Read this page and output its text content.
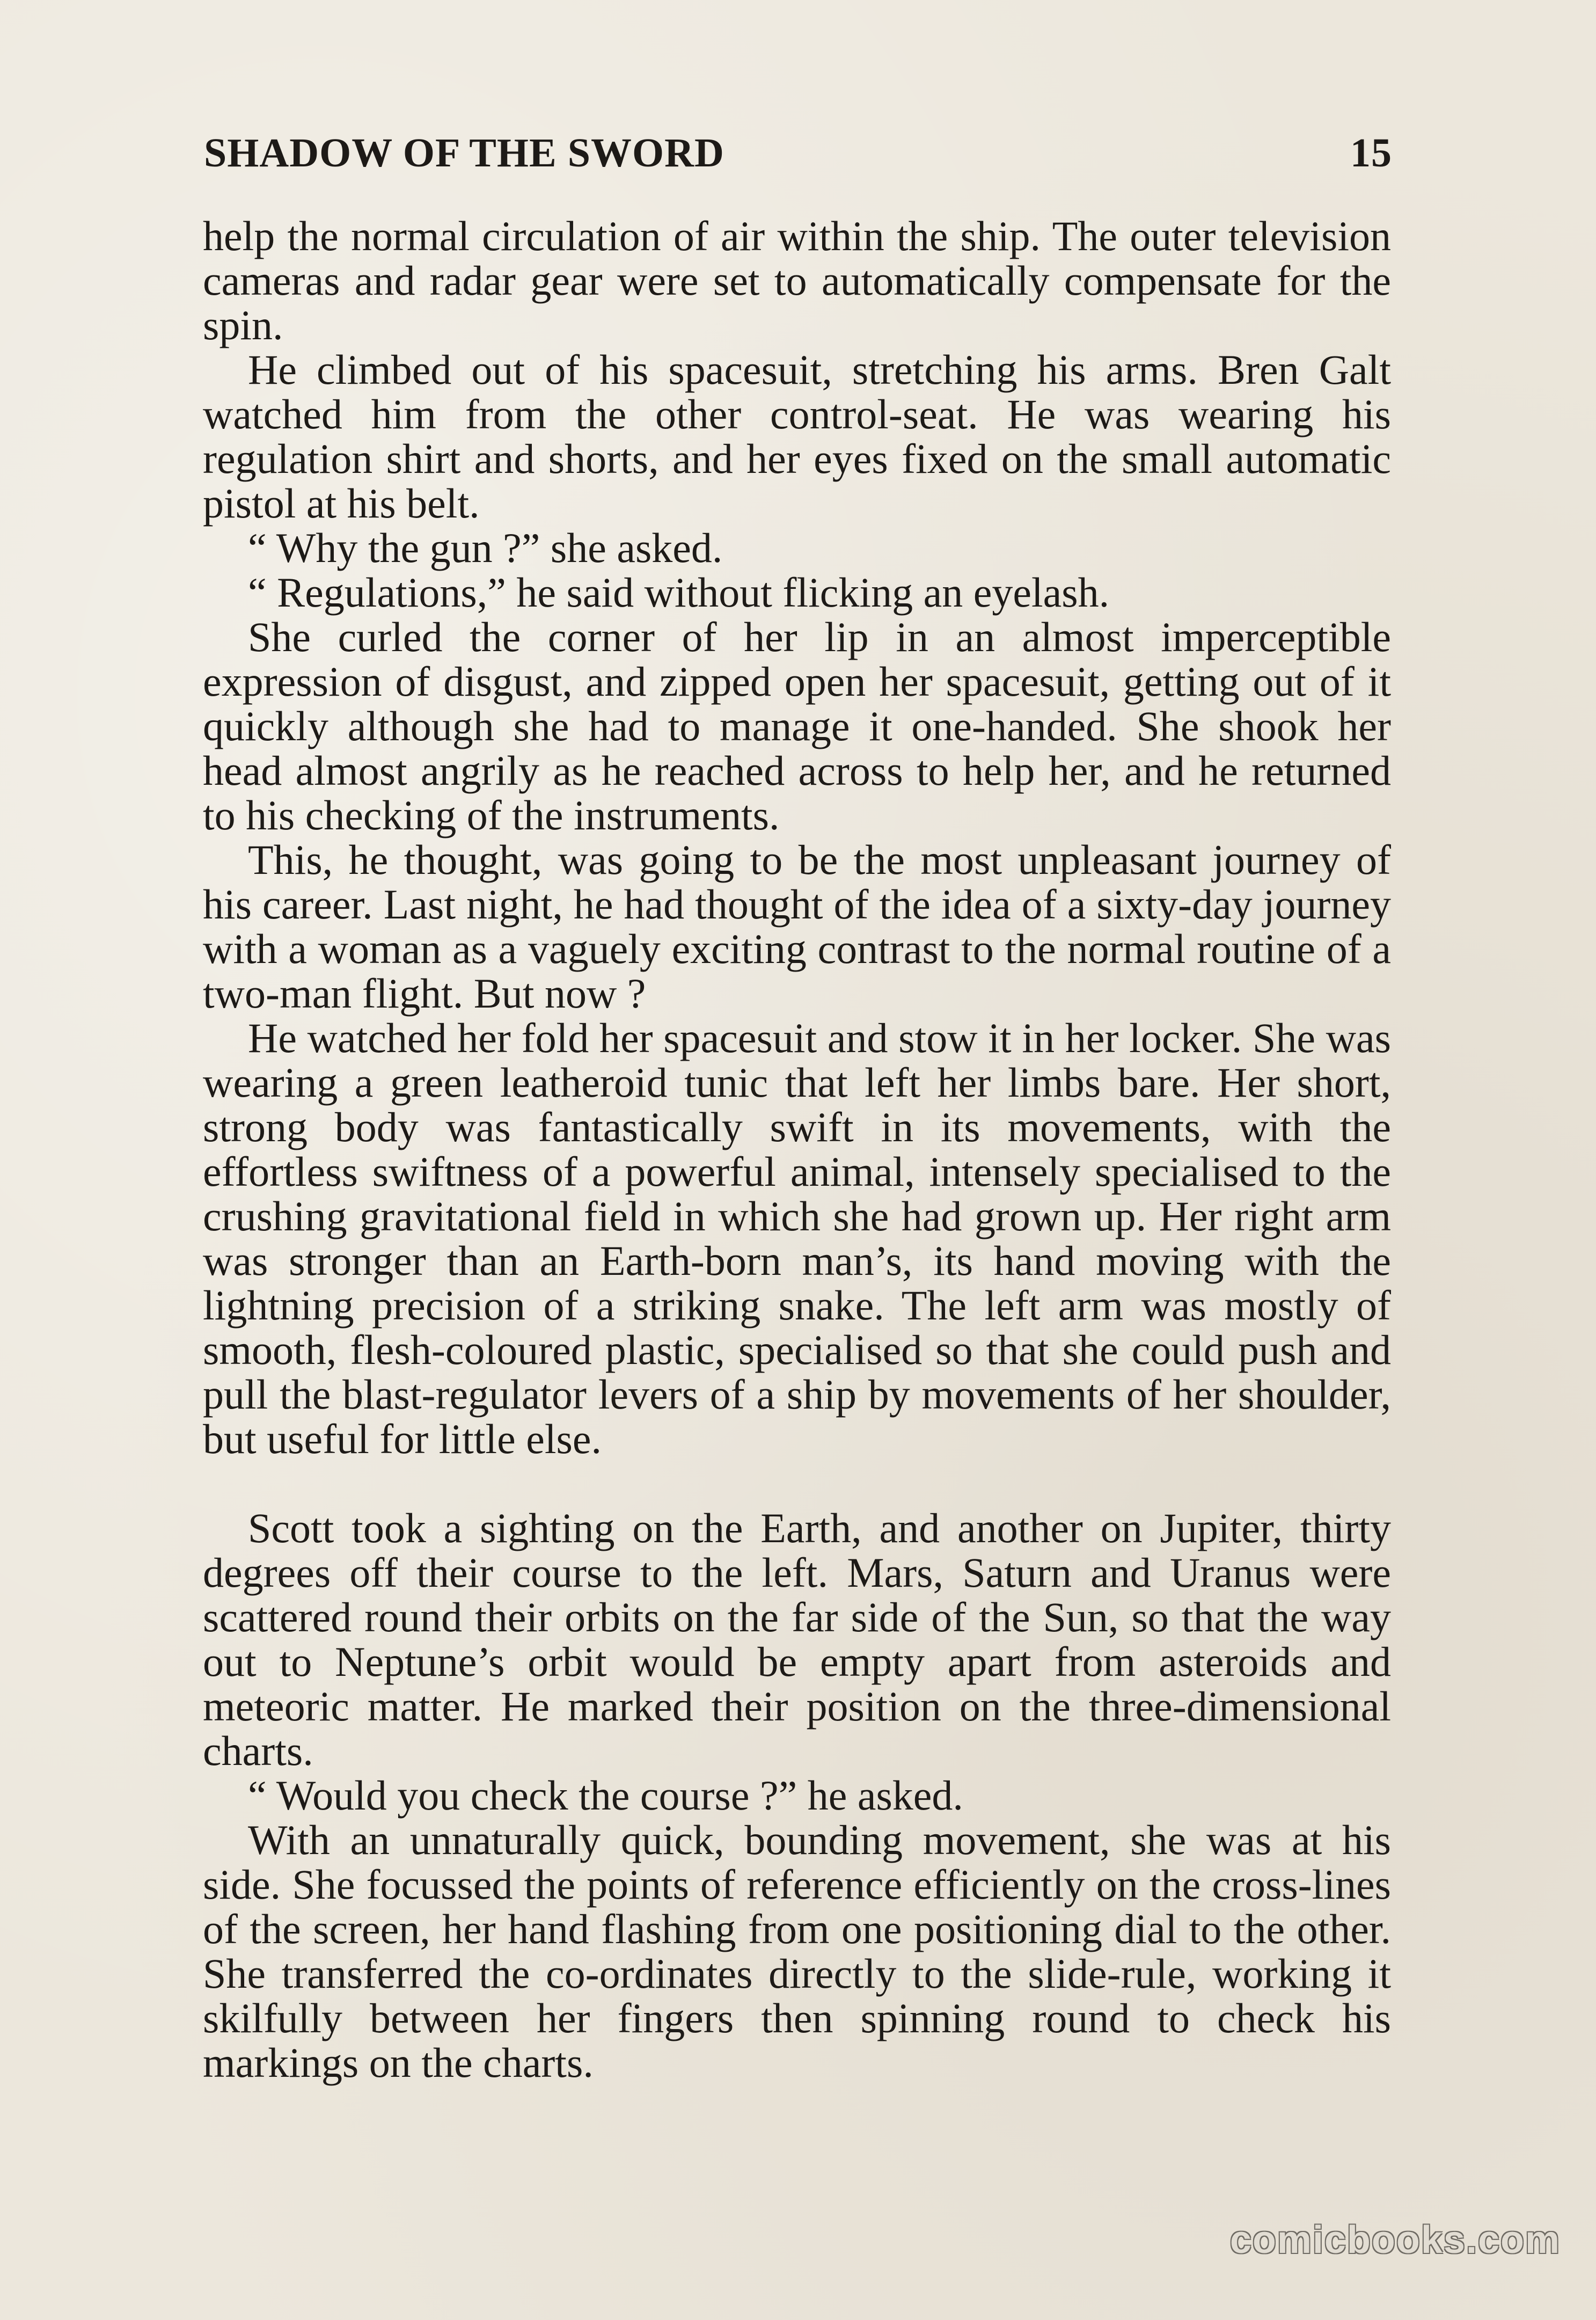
SHADOW OF THE SWORD	15

help the normal circulation of air within the ship. The outer television cameras and radar gear were set to automatically compensate for the spin.

He climbed out of his spacesuit, stretching his arms. Bren Galt watched him from the other control-seat. He was wearing his regulation shirt and shorts, and her eyes fixed on the small automatic pistol at his belt.

“ Why the gun ?” she asked.

“ Regulations,” he said without flicking an eyelash.

She curled the corner of her lip in an almost imperceptible expression of disgust, and zipped open her spacesuit, getting out of it quickly although she had to manage it one-handed. She shook her head almost angrily as he reached across to help her, and he returned to his checking of the instruments.

This, he thought, was going to be the most unpleasant journey of his career. Last night, he had thought of the idea of a sixty-day journey with a woman as a vaguely exciting contrast to the normal routine of a two-man flight. But now ?

He watched her fold her spacesuit and stow it in her locker. She was wearing a green leatheroid tunic that left her limbs bare. Her short, strong body was fantastically swift in its movements, with the effortless swiftness of a powerful animal, intensely specialised to the crushing gravitational field in which she had grown up. Her right arm was stronger than an Earth-born man’s, its hand moving with the lightning precision of a striking snake. The left arm was mostly of smooth, flesh-coloured plastic, specialised so that she could push and pull the blast-regulator levers of a ship by movements of her shoulder, but useful for little else.

Scott took a sighting on the Earth, and another on Jupiter, thirty degrees off their course to the left. Mars, Saturn and Uranus were scattered round their orbits on the far side of the Sun, so that the way out to Neptune’s orbit would be empty apart from asteroids and meteoric matter. He marked their position on the three-dimensional charts.

“ Would you check the course ?” he asked.

With an unnaturally quick, bounding movement, she was at his side. She focussed the points of reference efficiently on the cross-lines of the screen, her hand flashing from one positioning dial to the other. She transferred the co-ordinates directly to the slide-rule, working it skilfully between her fingers then spinning round to check his markings on the charts.

comicbooks.com
